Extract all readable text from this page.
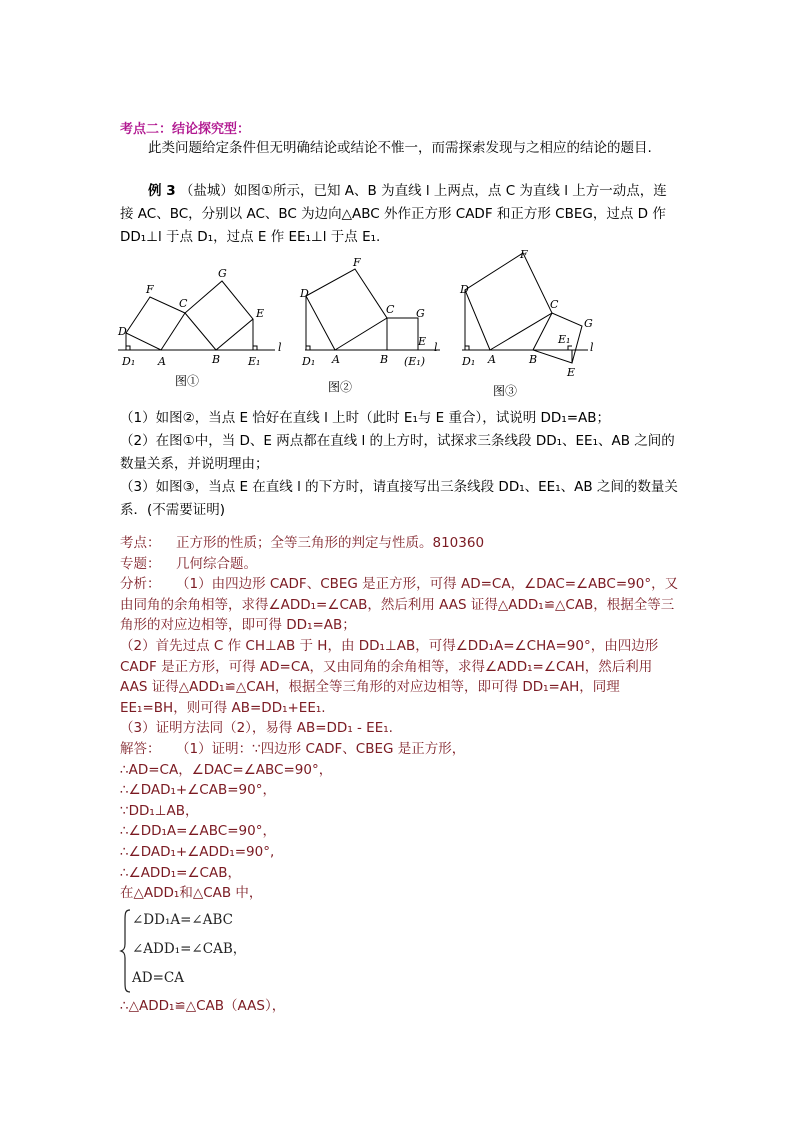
考点二：结论探究型：
此类问题给定条件但无明确结论或结论不惟一，而需探索发现与之相应的结论的题目.
例 3 （盐城）如图①所示，已知 A、B 为直线 l 上两点，点 C 为直线 l 上方一动点，连接 AC、BC，分别以 AC、BC 为边向△ABC 外作正方形 CADF 和正方形 CBEG，过点 D 作 DD₁⊥l 于点 D₁，过点 E 作 EE₁⊥l 于点 E₁.
F
G
C
D
E
l
D₁ A	B	E₁
D
F
C G
E l
D₁ A	B (E₁)
D
F
C
G
E₁
l
D₁ A	B
E
图①	图②	图③
（1）如图②，当点 E 恰好在直线 l 上时（此时 E₁与 E 重合），试说明 DD₁=AB；
（2）在图①中，当 D、E 两点都在直线 l 的上方时，试探求三条线段 DD₁、EE₁、AB 之间的数量关系，并说明理由；
（3）如图③，当点 E 在直线 l 的下方时，请直接写出三条线段 DD₁、EE₁、AB 之间的数量关系．(不需要证明)
考点： 正方形的性质；全等三角形的判定与性质。810360
专题： 几何综合题。
分析： （1）由四边形 CADF、CBEG 是正方形，可得 AD=CA，∠DAC=∠ABC=90°，又由同角的余角相等，求得∠ADD₁=∠CAB，然后利用 AAS 证得△ADD₁≌△CAB，根据全等三角形的对应边相等，即可得 DD₁=AB；
（2）首先过点 C 作 CH⊥AB 于 H，由 DD₁⊥AB，可得∠DD₁A=∠CHA=90°，由四边形 CADF 是正方形，可得 AD=CA，又由同角的余角相等，求得∠ADD₁=∠CAH，然后利用 AAS 证得△ADD₁≌△CAH，根据全等三角形的对应边相等，即可得 DD₁=AH，同理 EE₁=BH，则可得 AB=DD₁+EE₁.
（3）证明方法同（2），易得 AB=DD₁ - EE₁.
解答： （1）证明：∵四边形 CADF、CBEG 是正方形，
∴AD=CA，∠DAC=∠ABC=90°，
∴∠DAD₁+∠CAB=90°，
∵DD₁⊥AB，
∴∠DD₁A=∠ABC=90°，
∴∠DAD₁+∠ADD₁=90°,
∴∠ADD₁=∠CAB，
在△ADD₁和△CAB 中，
∠DD₁A=∠ABC
∠ADD₁=∠CAB，
AD=CA
∴△ADD₁≌△CAB（AAS），
